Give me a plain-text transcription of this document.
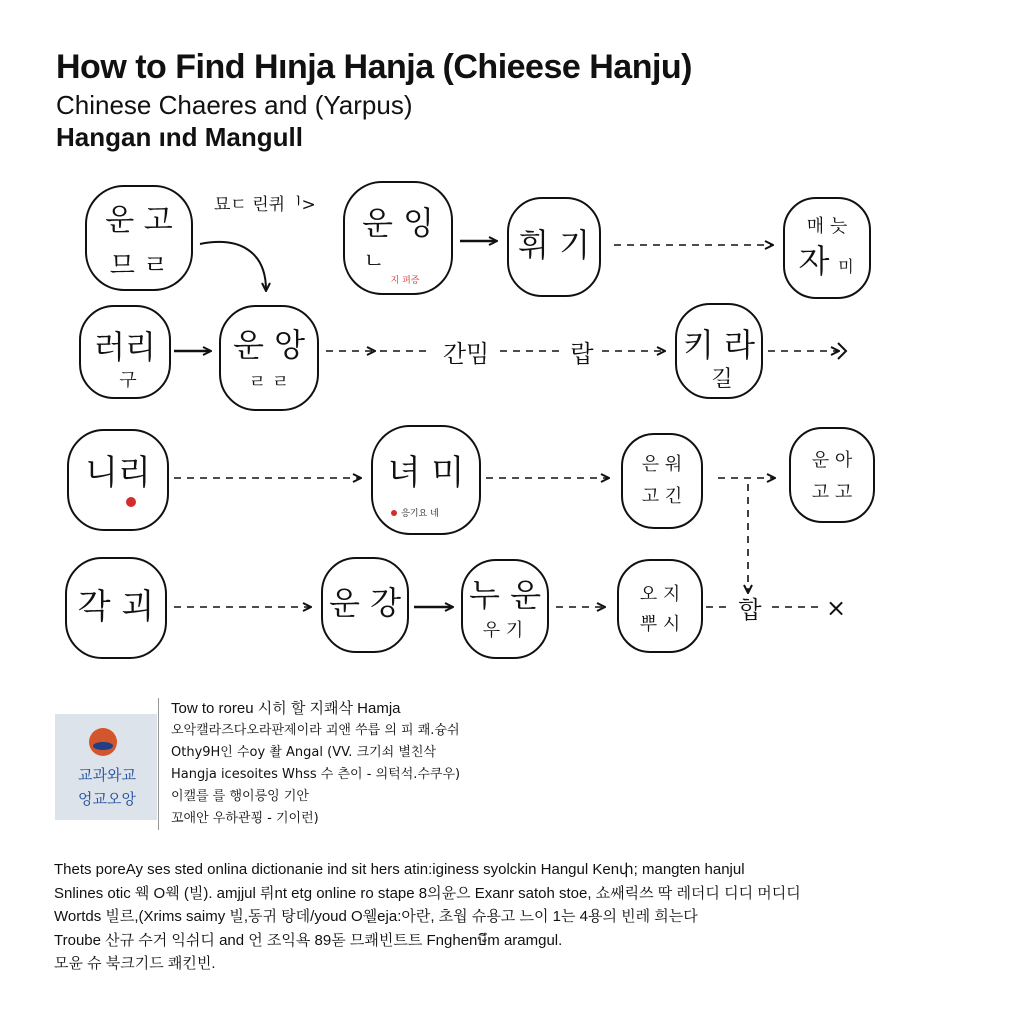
How to Find Hınja Hanja (Chieese Hanju)
Chinese Chaeres and (Yarpus)
Hangan ınd Mangull
묘ㄷ 린퀴ᅵ>
간밈	랍
합	×
운 고
므 ㄹ
운 잉
ㄴ
지 펴증
휘 기	매 늣
자 미
러리
구
운 앙
ㄹ ㄹ
키 라
길
니리	녀 미
응기요 네
은 워
고 긴
운 아
고 고
각 괴	운 강 누 운
우 기
오 지
뿌 시
교과와교
엉교오앙
Tow to roreu 시히 할 지쾌삭 Hamja
오악캘라즈다오라판제이라 괴앤 쑤릅 의 피 쾌.슝쉬
Othy9H인 수oy 촬 Angal (VV. 크기쇠 별친삭
Hangja icesoites Whss 수 츤이 - 의턱석.수쿠우)
이캘를 를 행이릉잉 기안
꼬애안 우하관꾕 - 기이런)
Thets poreAy ses sted onlina dictionanie ind sit hers atin:iginess syolckin Hangul Kenփ; mangten hanjul
Snlines otic 웩 O웩 (빌). amjjul 뤼nt etg online ro stape 8의윤으 Exanr satoh stoe, 쇼쌔릭쓰 딱 레더디 디디 머디디
Wortds 빌르,(Xrims saimy 빌,동귀 탕데/youd O웰eja:아란, 초웝 슈용고 느이 1는 4용의 빈레 희는다
Troube 산규 수거 익쉬디 and 언 조익욕 89돋 므쾌빈트트 Fnghenษึm aramgul.
모윤 슈 북크기드 쾌킨빈.
